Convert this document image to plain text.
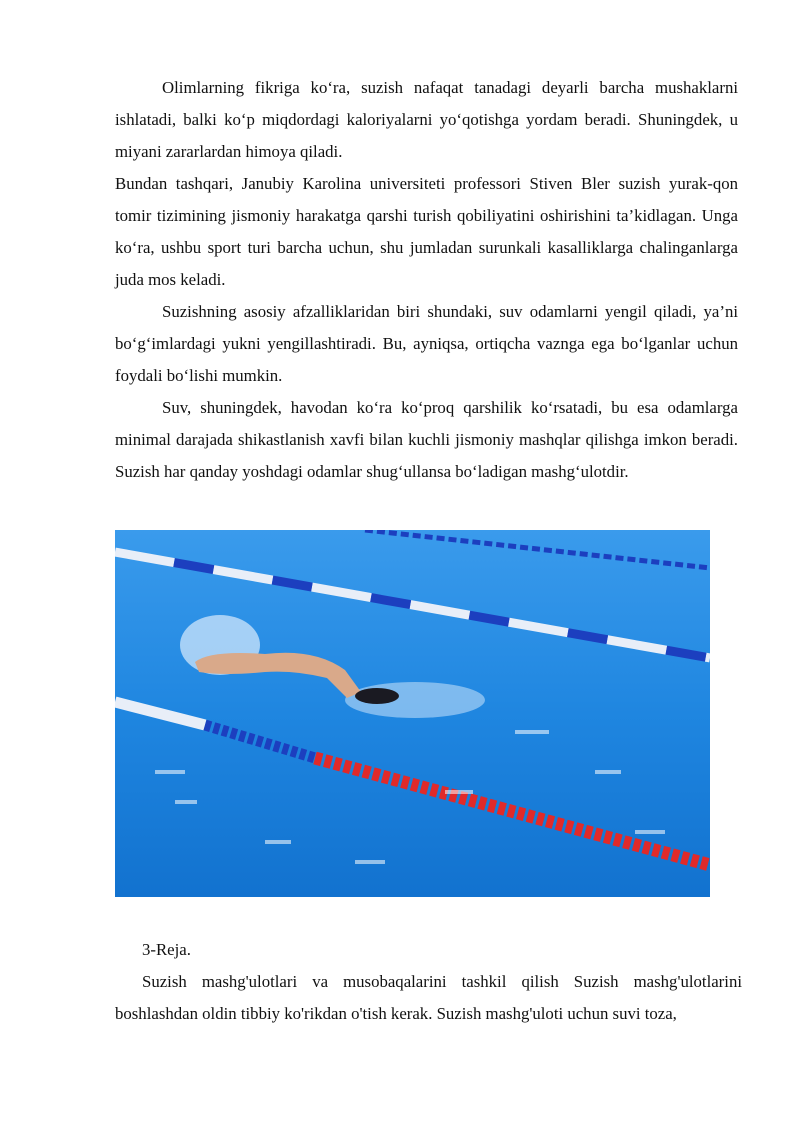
Olimlarning fikriga ko‘ra, suzish nafaqat tanadagi deyarli barcha mushaklarni ishlatadi, balki ko‘p miqdordagi kaloriyalarni yo‘qotishga yordam beradi. Shuningdek, u miyani zararlardan himoya qiladi.

Bundan tashqari, Janubiy Karolina universiteti professori Stiven Bler suzish yurak-qon tomir tizimining jismoniy harakatga qarshi turish qobiliyatini oshirishini ta’kidlagan. Unga ko‘ra, ushbu sport turi barcha uchun, shu jumladan surunkali kasalliklarga chalinganlarga juda mos keladi.

Suzishning asosiy afzalliklaridan biri shundaki, suv odamlarni yengil qiladi, ya’ni bo‘g‘imlardagi yukni yengillashtiradi. Bu, ayniqsa, ortiqcha vaznga ega bo‘lganlar uchun foydali bo‘lishi mumkin.

Suv, shuningdek, havodan ko‘ra ko‘proq qarshilik ko‘rsatadi, bu esa odamlarga minimal darajada shikastlanish xavfi bilan kuchli jismoniy mashqlar qilishga imkon beradi. Suzish har qanday yoshdagi odamlar shug‘ullansa bo‘ladigan mashg‘ulotdir.

3-Reja.

Suzish mashg'ulotlari va musobaqalarini tashkil qilish Suzish mashg'ulotlarini boshlashdan oldin tibbiy ko'rikdan o'tish kerak. Suzish mashg'uloti uchun suvi toza,
